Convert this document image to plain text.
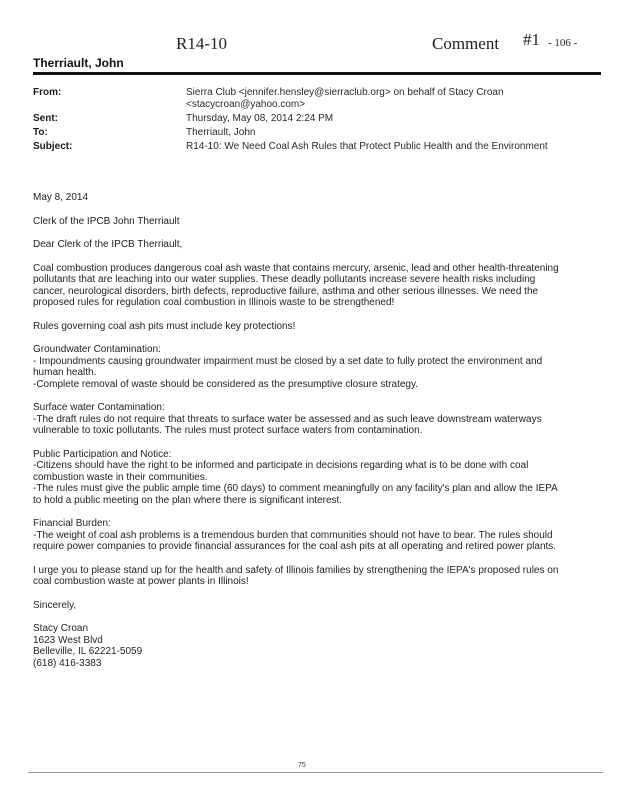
R14-10	Comment #1 - 106 -
Therriault, John
From:	Sierra Club <jennifer.hensley@sierraclub.org> on behalf of Stacy Croan
<stacycroan@yahoo.com>
Sent:	Thursday, May 08, 2014 2:24 PM
To:	Therriault, John
Subject:	R14-10: We Need Coal Ash Rules that Protect Public Health and the Environment

May 8, 2014

Clerk of the IPCB John Therriault

Dear Clerk of the IPCB Therriault,

Coal combustion produces dangerous coal ash waste that contains mercury, arsenic, lead and other health-threatening
pollutants that are leaching into our water supplies. These deadly pollutants increase severe health risks including
cancer, neurological disorders, birth defects, reproductive failure, asthma and other serious illnesses. We need the
proposed rules for regulation coal combustion in Illinois waste to be strengthened!

Rules governing coal ash pits must include key protections!

Groundwater Contamination:
- Impoundments causing groundwater impairment must be closed by a set date to fully protect the environment and
human health.
-Complete removal of waste should be considered as the presumptive closure strategy.

Surface water Contamination:
-The draft rules do not require that threats to surface water be assessed and as such leave downstream waterways
vulnerable to toxic pollutants. The rules must protect surface waters from contamination.

Public Participation and Notice:
-Citizens should have the right to be informed and participate in decisions regarding what is to be done with coal
combustion waste in their communities.
-The rules must give the public ample time (60 days) to comment meaningfully on any facility's plan and allow the IEPA
to hold a public meeting on the plan where there is significant interest.

Financial Burden:
-The weight of coal ash problems is a tremendous burden that communities should not have to bear. The rules should
require power companies to provide financial assurances for the coal ash pits at all operating and retired power plants.

I urge you to please stand up for the health and safety of Illinois families by strengthening the IEPA's proposed rules on
coal combustion waste at power plants in Illinois!

Sincerely,

Stacy Croan
1623 West Blvd
Belleville, IL 62221-5059
(618) 416-3383

75
